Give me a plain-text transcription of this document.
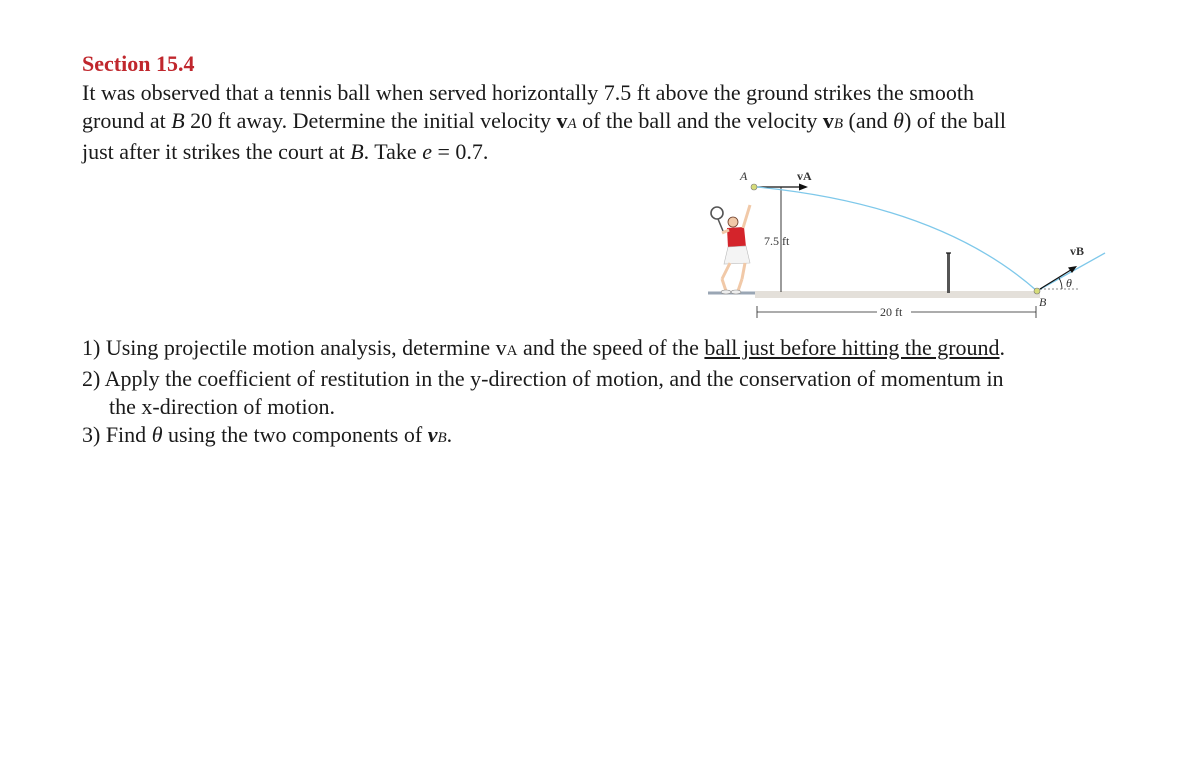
Section 15.4

It was observed that a tennis ball when served horizontally 7.5 ft above the ground strikes the smooth
ground at B 20 ft away. Determine the initial velocity vA of the ball and the velocity vB (and θ) of the ball
just after it strikes the court at B. Take e = 0.7.

A	vA
7.5 ft
vB
θ
B
20 ft

1) Using projectile motion analysis, determine vA and the speed of the ball just before hitting the ground.

2) Apply the coefficient of restitution in the y-direction of motion, and the conservation of momentum in

the x-direction of motion.

3) Find θ using the two components of vB.
